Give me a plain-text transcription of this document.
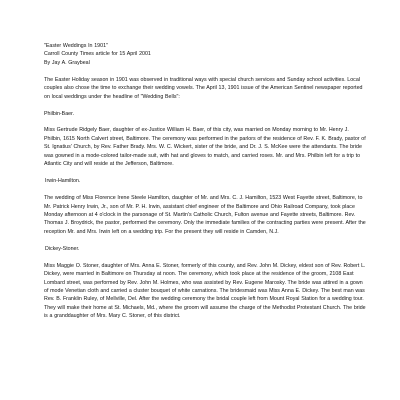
"Easter Weddings In 1901"
Carroll County Times article for 15 April 2001
By Jay A. Graybeal

The Easter Holiday season in 1901 was observed in traditional ways with special church services and Sunday school activities. Local couples also chose the time to exchange their wedding vowels. The April 13, 1901 issue of the American Sentinel newspaper reported on local weddings under the headline of "Wedding Bells":

Philbin-Baer.

Miss Gertrude Ridgely Baer, daughter of ex-Justice William H. Baer, of this city, was married on Monday morning to Mr. Henry J. Philbin, 1615 North Calvert street, Baltimore. The ceremony was performed in the parlors of the residence of Rev. F. K. Brady, pastor of St. Ignatius' Church, by Rev. Father Brady. Mrs. W. C. Wickert, sister of the bride, and Dr. J. S. McKee were the attendants. The bride was gowned in a mode-colored tailor-made suit, with hat and gloves to match, and carried roses. Mr. and Mrs. Philbin left for a trip to Atlantic City and will reside at the Jefferson, Baltimore.

Irwin-Hamilton.

The wedding of Miss Florence Irene Steele Hamilton, daughter of Mr. and Mrs. C. J. Hamilton, 1523 West Fayette street, Baltimore, to Mr. Patrick Henry Irwin, Jr., son of Mr. P. H. Irwin, assistant chief engineer of the Baltimore and Ohio Railroad Company, took place Monday afternoon at 4 o'clock in the parsonage of St. Martin's Catholic Church, Fulton avenue and Fayette streets, Baltimore. Rev. Thomas J. Broydrick, the pastor, performed the ceremony. Only the immediate families of the contracting parties were present. After the reception Mr. and Mrs. Irwin left on a wedding trip. For the present they will reside in Camden, N.J.

Dickey-Stoner.

Miss Maggie O. Stoner, daughter of Mrs. Anna E. Stoner, formerly of this county, and Rev. John M. Dickey, eldest son of Rev. Robert L. Dickey, were married in Baltimore on Thursday at noon. The ceremony, which took place at the residence of the groom, 2108 East Lombard street, was performed by Rev. John M. Holmes, who was assisted by Rev. Eugene Marosky. The bride was attired in a gown of mode Venetian cloth and carried a cluster bouquet of white carnations. The bridesmaid was Miss Anna E. Dickey. The best man was Rev. B. Franklin Ruley, of Mellville, Del. After the wedding ceremony the bridal couple left from Mount Royal Station for a wedding tour. They will make their home at St. Michaels, Md., where the groom will assume the charge of the Methodist Protestant Church. The bride is a granddaughter of Mrs. Mary C. Stoner, of this district.
